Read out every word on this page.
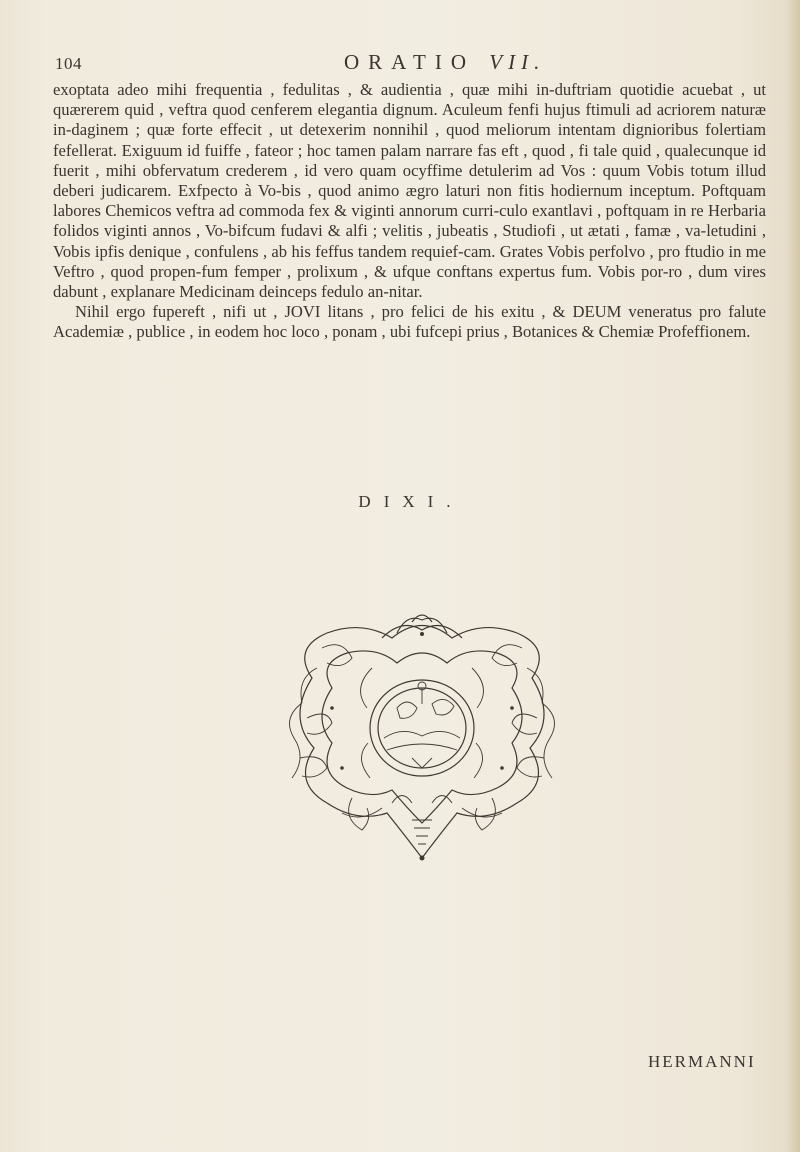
104	ORATIO VII.

exoptata adeo mihi frequentia , fedulitas , & audientia , quæ mihi in-duftriam quotidie acuebat , ut quærerem quid , veftra quod cenferem elegantia dignum. Aculeum fenfi hujus ftimuli ad acriorem naturæ in-daginem ; quæ forte effecit , ut detexerim nonnihil , quod meliorum intentam dignioribus folertiam fefellerat. Exiguum id fuiffe , fateor ; hoc tamen palam narrare fas eft , quod , fi tale quid , qualecunque id fuerit , mihi obfervatum crederem , id vero quam ocyffime detulerim ad Vos : quum Vobis totum illud deberi judicarem. Exfpecto à Vo-bis , quod animo ægro laturi non fitis hodiernum inceptum. Poftquam labores Chemicos veftra ad commoda fex & viginti annorum curri-culo exantlavi , poftquam in re Herbaria folidos viginti annos , Vo-bifcum fudavi & alfi ; velitis , jubeatis , Studiofi , ut ætati , famæ , va-letudini , Vobis ipfis denique , confulens , ab his feffus tandem requief-cam. Grates Vobis perfolvo , pro ftudio in me Veftro , quod propen-fum femper , prolixum , & ufque conftans expertus fum. Vobis por-ro , dum vires dabunt , explanare Medicinam deinceps fedulo an-nitar.

Nihil ergo fupereft , nifi ut , JOVI litans , pro felici de his exitu , & DEUM veneratus pro falute Academiæ , publice , in eodem hoc loco , ponam , ubi fufcepi prius , Botanices & Chemiæ Profeffionem.

DIXI.
HERMANNI
